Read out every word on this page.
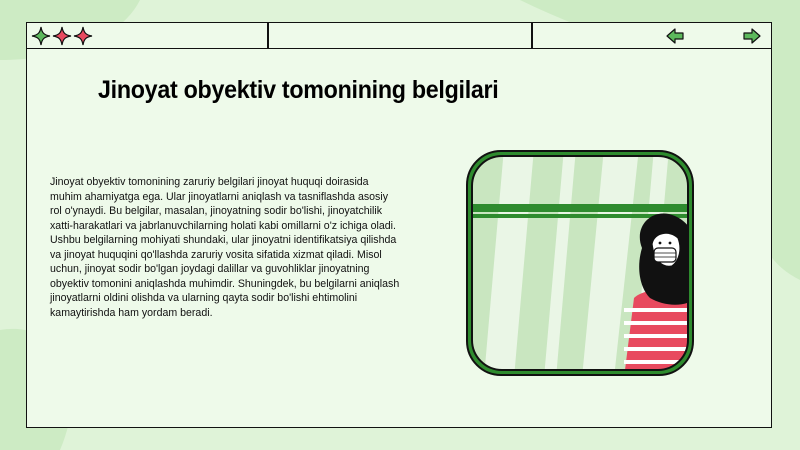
Jinoyat obyektiv tomonining belgilari

Jinoyat obyektiv tomonining zaruriy belgilari jinoyat huquqi doirasida muhim ahamiyatga ega. Ular jinoyatlarni aniqlash va tasniflashda asosiy rol o'ynaydi. Bu belgilar, masalan, jinoyatning sodir bo'lishi, jinoyatchilik xatti-harakatlari va jabrlanuvchilarning holati kabi omillarni o'z ichiga oladi. Ushbu belgilarning mohiyati shundaki, ular jinoyatni identifikatsiya qilishda va jinoyat huquqini qo'llashda zaruriy vosita sifatida xizmat qiladi. Misol uchun, jinoyat sodir bo'lgan joydagi dalillar va guvohliklar jinoyatning obyektiv tomonini aniqlashda muhimdir. Shuningdek, bu belgilarni aniqlash jinoyatlarni oldini olishda va ularning qayta sodir bo'lishi ehtimolini kamaytirishda ham yordam beradi.
